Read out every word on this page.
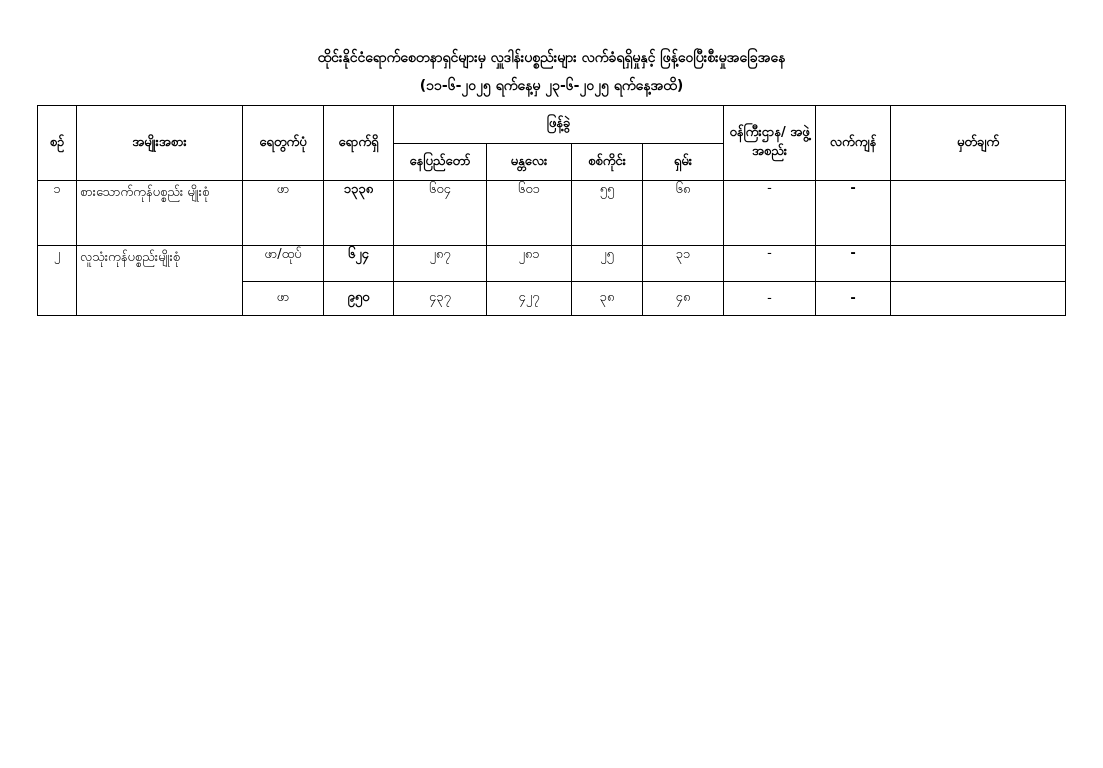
ထိုင်းနိုင်ငံရောက်စေတနာရှင်များမှ လှူဒါန်းပစ္စည်းများ လက်ခံရရှိမှုနှင့် ဖြန့်ဝေပြီးစီးမှုအခြေအနေ
(၁၁-၆-၂၀၂၅ ရက်နေ့မှ ၂၃-၆-၂၀၂၅ ရက်နေ့အထိ)
စဉ်	အမျိုးအစား	ရေတွက်ပုံ	ရောက်ရှိ	ဖြန့်ခွဲ				ဝန်ကြီးဌာန/ အဖွဲ့အစည်း	လက်ကျန်	မှတ်ချက်
				နေပြည်တော်	မန္တလေး	စစ်ကိုင်း	ရှမ်း			
၁	စားသောက်ကုန်ပစ္စည်း မျိုးစုံ	ဖာ	၁၃၃၈	၆၀၄	၆၀၁	၅၅	၆၈	-	-	
၂	လူသုံးကုန်ပစ္စည်းမျိုးစုံ	ဖာ/ထုပ်	၆၂၄	၂၈၇	၂၈၁	၂၅	၃၁	-	-	
		ဖာ	၉၅၀	၄၃၇	၄၂၇	၃၈	၄၈	-	-	
